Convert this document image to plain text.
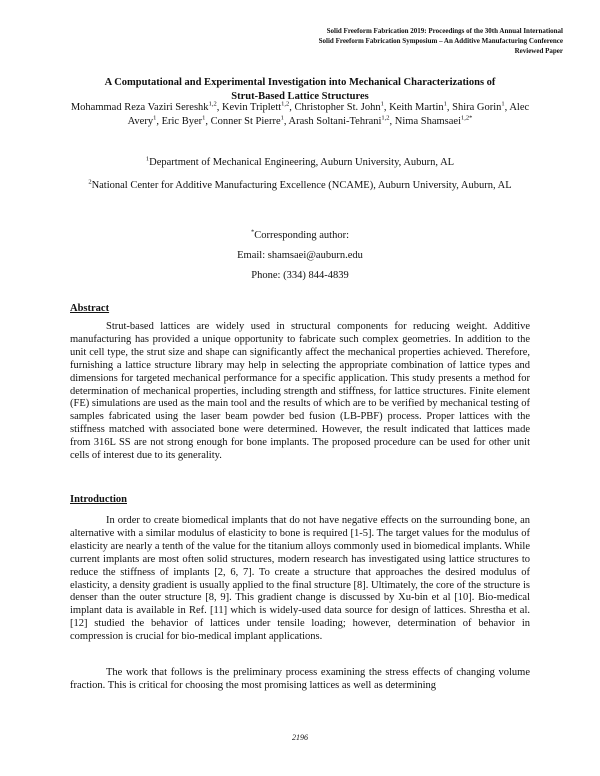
Solid Freeform Fabrication 2019: Proceedings of the 30th Annual International
Solid Freeform Fabrication Symposium – An Additive Manufacturing Conference
Reviewed Paper
A Computational and Experimental Investigation into Mechanical Characterizations of
Strut-Based Lattice Structures
Mohammad Reza Vaziri Sereshk$^{1,2}$, Kevin Triplett$^{1,2}$, Christopher St. John$^1$, Keith Martin$^1$, Shira Gorin$^1$, Alec Avery$^1$, Eric Byer$^1$, Conner St Pierre$^1$, Arash Soltani-Tehrani$^{1,2}$, Nima Shamsaei$^{1,2*}$

$^1$Department of Mechanical Engineering, Auburn University, Auburn, AL

$^2$National Center for Additive Manufacturing Excellence (NCAME), Auburn University, Auburn, AL

*Corresponding author:

Email: shamsaei@auburn.edu

Phone: (334) 844-4839

Abstract

Strut-based lattices are widely used in structural components for reducing weight. Additive manufacturing has provided a unique opportunity to fabricate such complex geometries. In addition to the unit cell type, the strut size and shape can significantly affect the mechanical properties achieved. Therefore, furnishing a lattice structure library may help in selecting the appropriate combination of lattice types and dimensions for targeted mechanical performance for a specific application. This study presents a method for determination of mechanical properties, including strength and stiffness, for lattice structures. Finite element (FE) simulations are used as the main tool and the results of which are to be verified by mechanical testing of samples fabricated using the laser beam powder bed fusion (LB-PBF) process. Proper lattices with the stiffness matched with associated bone were determined. However, the result indicated that lattices made from 316L SS are not strong enough for bone implants. The proposed procedure can be used for other unit cells of interest due to its generality.

Introduction

In order to create biomedical implants that do not have negative effects on the surrounding bone, an alternative with a similar modulus of elasticity to bone is required [1-5]. The target values for the modulus of elasticity are nearly a tenth of the value for the titanium alloys commonly used in biomedical implants. While current implants are most often solid structures, modern research has investigated using lattice structures to reduce the stiffness of implants [2, 6, 7]. To create a structure that approaches the desired modulus of elasticity, a density gradient is usually applied to the final structure [8]. Ultimately, the core of the structure is denser than the outer structure [8, 9]. This gradient change is discussed by Xu-bin et al [10]. Bio-medical implant data is available in Ref. [11] which is widely-used data source for design of lattices. Shrestha et al. [12] studied the behavior of lattices under tensile loading; however, determination of behavior in compression is crucial for bio-medical implant applications.

The work that follows is the preliminary process examining the stress effects of changing volume fraction. This is critical for choosing the most promising lattices as well as determining

2196
